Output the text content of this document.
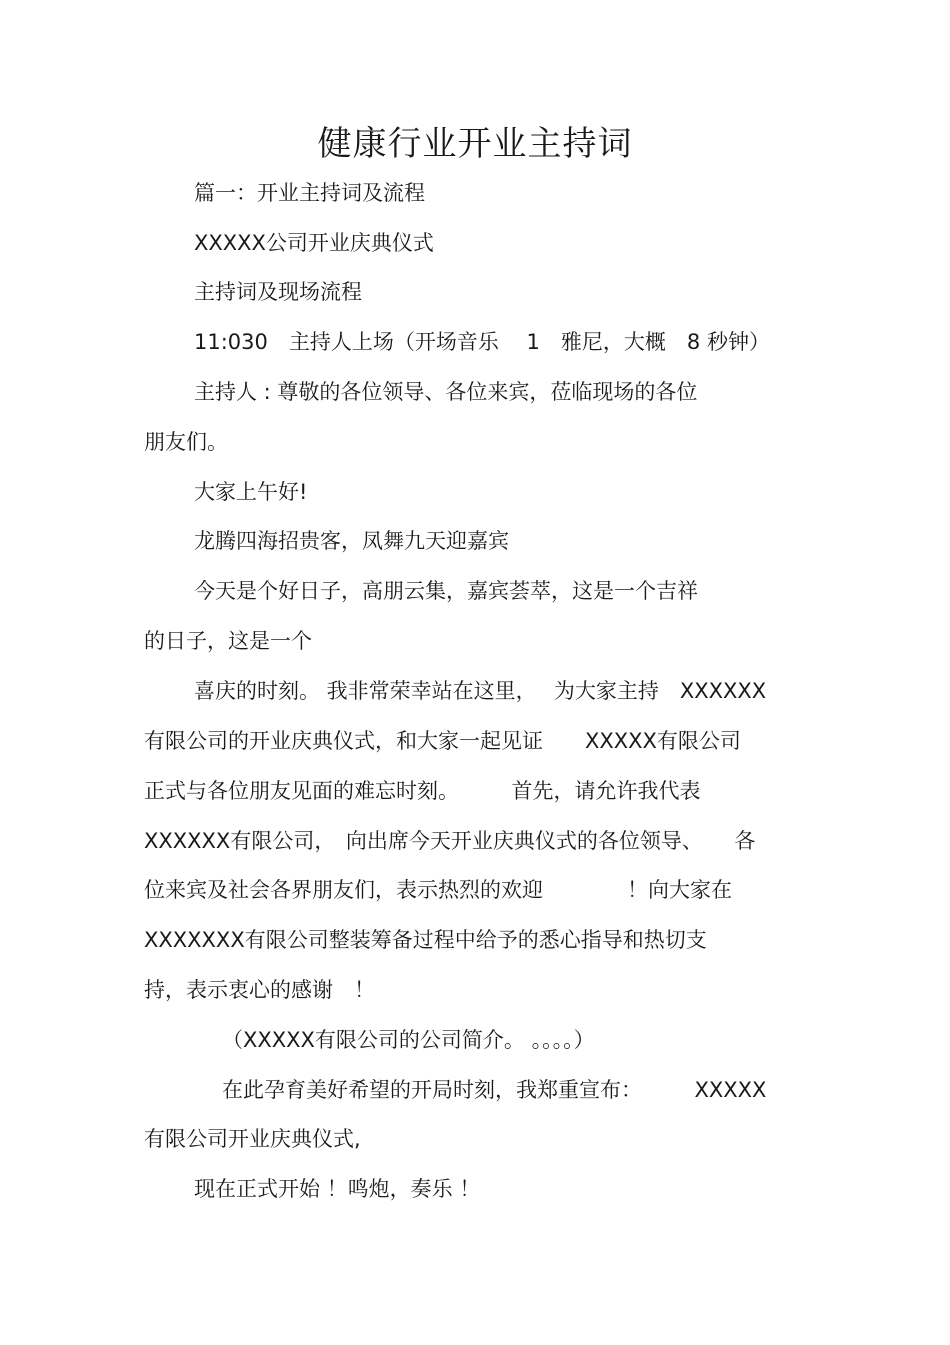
健康行业开业主持词
篇一：开业主持词及流程
XXXXX公司开业庆典仪式
主持词及现场流程
11:030　主持人上场（开场音乐　 1　雅尼，大概　8 秒钟）
主持人 : 尊敬的各位领导、各位来宾，莅临现场的各位
朋友们。
大家上午好!
龙腾四海招贵客，凤舞九天迎嘉宾
今天是个好日子，高朋云集，嘉宾荟萃，这是一个吉祥
的日子，这是一个
喜庆的时刻。 我非常荣幸站在这里，　 为大家主持　XXXXXX
有限公司的开业庆典仪式，和大家一起见证　　XXXXX有限公司
正式与各位朋友见面的难忘时刻。　　　首先，请允许我代表
XXXXXX有限公司，　向出席今天开业庆典仪式的各位领导、　　各
位来宾及社会各界朋友们，表示热烈的欢迎　　　　！向大家在
XXXXXXX有限公司整装筹备过程中给予的悉心指导和热切支
持，表示衷心的感谢　！
（XXXXX有限公司的公司简介。 。。。。）
在此孕育美好希望的开局时刻，我郑重宣布：　　　XXXXX
有限公司开业庆典仪式,
现在正式开始 ！鸣炮，奏乐 ！
